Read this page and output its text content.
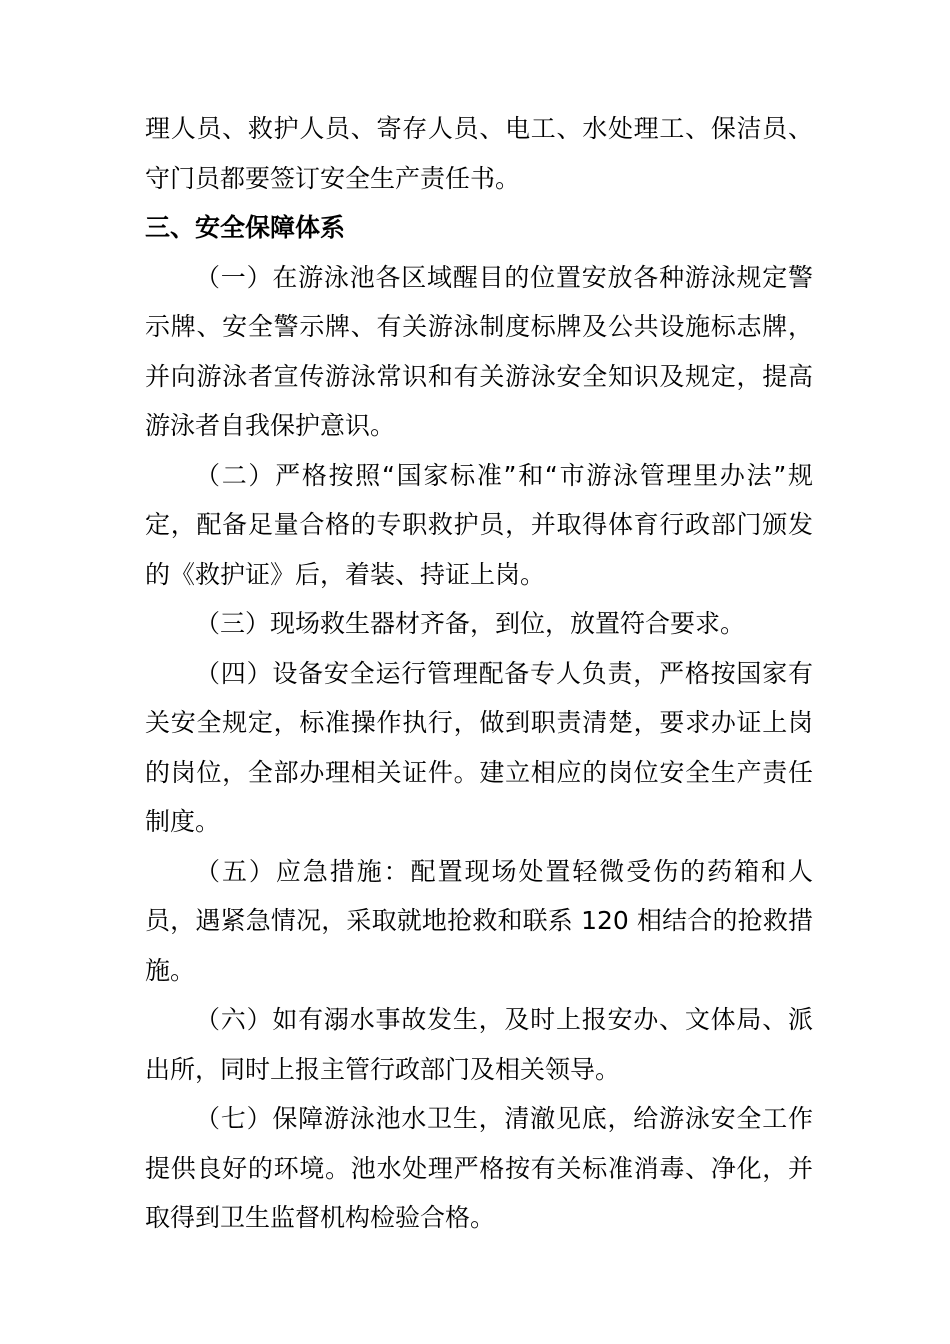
理人员、救护人员、寄存人员、电工、水处理工、保洁员、守门员都要签订安全生产责任书。

三、安全保障体系

（一）在游泳池各区域醒目的位置安放各种游泳规定警示牌、安全警示牌、有关游泳制度标牌及公共设施标志牌，并向游泳者宣传游泳常识和有关游泳安全知识及规定，提高游泳者自我保护意识。

（二）严格按照“国家标准”和“市游泳管理里办法”规定，配备足量合格的专职救护员，并取得体育行政部门颁发的《救护证》后，着装、持证上岗。

（三）现场救生器材齐备，到位，放置符合要求。

（四）设备安全运行管理配备专人负责，严格按国家有关安全规定，标准操作执行，做到职责清楚，要求办证上岗的岗位，全部办理相关证件。建立相应的岗位安全生产责任制度。

（五）应急措施：配置现场处置轻微受伤的药箱和人员，遇紧急情况，采取就地抢救和联系 120 相结合的抢救措施。

（六）如有溺水事故发生，及时上报安办、文体局、派出所，同时上报主管行政部门及相关领导。

（七）保障游泳池水卫生，清澈见底，给游泳安全工作提供良好的环境。池水处理严格按有关标准消毒、净化，并取得到卫生监督机构检验合格。
